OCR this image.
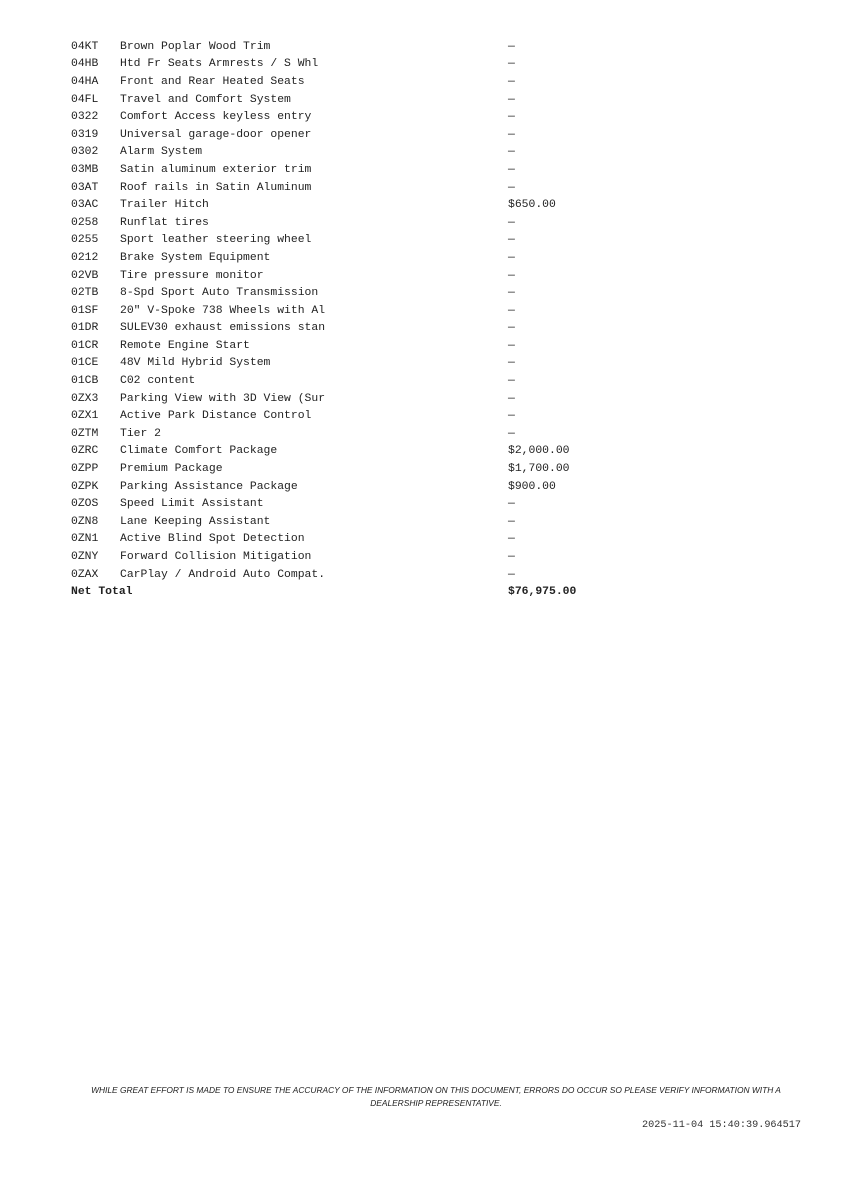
04KT	Brown Poplar Wood Trim	—
04HB	Htd Fr Seats Armrests / S Whl	—
04HA	Front and Rear Heated Seats	—
04FL	Travel and Comfort System	—
0322	Comfort Access keyless entry	—
0319	Universal garage-door opener	—
0302	Alarm System	—
03MB	Satin aluminum exterior trim	—
03AT	Roof rails in Satin Aluminum	—
03AC	Trailer Hitch	$650.00
0258	Runflat tires	—
0255	Sport leather steering wheel	—
0212	Brake System Equipment	—
02VB	Tire pressure monitor	—
02TB	8-Spd Sport Auto Transmission	—
01SF	20" V-Spoke 738 Wheels with Al	—
01DR	SULEV30 exhaust emissions stan	—
01CR	Remote Engine Start	—
01CE	48V Mild Hybrid System	—
01CB	C02 content	—
0ZX3	Parking View with 3D View (Sur	—
0ZX1	Active Park Distance Control	—
0ZTM	Tier 2	—
0ZRC	Climate Comfort Package	$2,000.00
0ZPP	Premium Package	$1,700.00
0ZPK	Parking Assistance Package	$900.00
0ZOS	Speed Limit Assistant	—
0ZN8	Lane Keeping Assistant	—
0ZN1	Active Blind Spot Detection	—
0ZNY	Forward Collision Mitigation	—
0ZAX	CarPlay / Android Auto Compat.	—
Net Total	$76,975.00
WHILE GREAT EFFORT IS MADE TO ENSURE THE ACCURACY OF THE INFORMATION ON THIS DOCUMENT, ERRORS DO OCCUR SO PLEASE VERIFY INFORMATION WITH A DEALERSHIP REPRESENTATIVE.
2025-11-04 15:40:39.964517
